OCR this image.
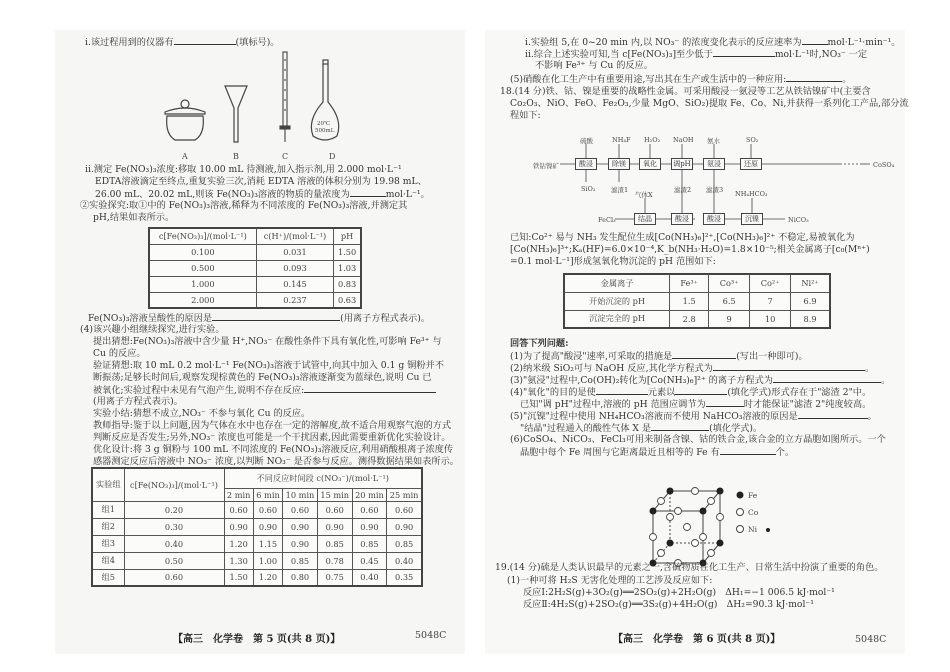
ⅰ.该过程用到的仪器有	(填标号)。
20℃
500mL
A	B	C	D
ⅱ.测定 Fe(NO₃)₃浓度:移取 10.00 mL 待测液,加入指示剂,用 2.000 mol·L⁻¹
EDTA溶液滴定至终点,重复实验三次,消耗 EDTA 溶液的体积分别为 19.98 mL、
26.00 mL、20.02 mL,则该 Fe(NO₃)₃溶液的物质的量浓度为	mol·L⁻¹。
②实验探究:取①中的 Fe(NO₃)₃溶液,稀释为不同浓度的 Fe(NO₃)₃溶液,并测定其
pH,结果如表所示。
c[Fe(NO₃)₃]/(mol·L⁻¹)	c(H⁺)/(mol·L⁻¹)	pH
0.100	0.031	1.50
0.500	0.093	1.03
1.000	0.145	0.83
2.000	0.237	0.63
Fe(NO₃)₃溶液呈酸性的原因是	(用离子方程式表示)。
(4)该兴趣小组继续探究,进行实验。
提出猜想:Fe(NO₃)₃溶液中含少量 H⁺,NO₃⁻ 在酸性条件下具有氧化性,可影响 Fe³⁺ 与
Cu 的反应。
验证猜想:取 10 mL 0.2 mol·L⁻¹ Fe(NO₃)₃溶液于试管中,向其中加入 0.1 g 铜粉并不
断振荡;足够长时间后,观察发现棕黄色的 Fe(NO₃)₃溶液逐渐变为蓝绿色,说明 Cu 已
被氧化;实验过程中未见有气泡产生,说明不存在反应:
(用离子方程式表示)。
实验小结:猜想不成立,NO₃⁻ 不参与氧化 Cu 的反应。
教师指导:鉴于以上问题,因为气体在水中也存在一定的溶解度,故不适合用观察气泡的方式
判断反应是否发生;另外,NO₃⁻ 浓度也可能是一个干扰因素,因此需要重新优化实验设计。
优化设计:将 3 g 铜粉与 100 mL 不同浓度的 Fe(NO₃)₃溶液反应,利用硝酸根离子浓度传
感器测定反应后溶液中 NO₃⁻ 浓度,以判断 NO₃⁻ 是否参与反应。测得数据结果如表所示。
实验组	c[Fe(NO₃)₃]/(mol·L⁻¹)	不同反应时间段 c(NO₃⁻)/(mol·L⁻¹)					
		2 min	6 min	10 min	15 min	20 min	25 min
组1	0.20	0.60	0.60	0.60	0.60	0.60	0.60
组2	0.30	0.90	0.90	0.90	0.90	0.90	0.90
组3	0.40	1.20	1.15	0.90	0.85	0.85	0.85
组4	0.50	1.30	1.00	0.85	0.78	0.45	0.40
组5	0.60	1.50	1.20	0.80	0.75	0.40	0.35
【高三　化学卷　第 5 页(共 8 页)】	5048C
ⅰ.实验组 5,在 0~20 min 内,以 NO₃⁻ 的浓度变化表示的反应速率为	mol·L⁻¹·min⁻¹。
ⅱ.综合上述实验可知,当 c[Fe(NO₃)₃]至少低于	mol·L⁻¹时,NO₃⁻ 一定
不影响 Fe³⁺ 与 Cu 的反应。
(5)硝酸在化工生产中有重要用途,写出其在生产或生活中的一种应用:	。
18.(14 分)铁、钴、镍是重要的战略性金属。可采用酸浸一氨浸等工艺从铁钴镍矿中(主要含
Co₂O₃、NiO、FeO、Fe₂O₃,少量 MgO、SiO₂)提取 Fe、Co、Ni,并获得一系列化工产品,部分流
程如下:
硫酸	NH₄F H₂O₂ NaOH 氨水	SO₂
铁钴镍矿	酸浸	除镁	氧化	调pH	氨浸	还原	CoSO₄
SiO₂ 滤渣1	滤渣2 滤渣3
气体X	NH₄HCO₃
FeCl₃	结晶	酸浸	酸浸	沉镍	NiCO₃
已知:Co²⁺ 易与 NH₃ 发生配位生成[Co(NH₃)₆]²⁺,[Co(NH₃)₆]²⁺ 不稳定,易被氧化为
[Co(NH₃)₆]³⁺;Kₐ(HF)=6.0×10⁻⁴,K_b(NH₃·H₂O)=1.8×10⁻⁵;相关金属离子[c₀(Mⁿ⁺)
=0.1 mol·L⁻¹]形成氢氧化物沉淀的 pH 范围如下:
金属离子	Fe³⁺	Co³⁺	Co²⁺	Ni²⁺
开始沉淀的 pH	1.5	6.5	7	6.9
沉淀完全的 pH	2.8	9	10	8.9
回答下列问题:
(1)为了提高"酸浸"速率,可采取的措施是	(写出一种即可)。
(2)纳米级 SiO₂可与 NaOH 反应,其化学方程式为	。
(3)"氨浸"过程中,Co(OH)₂转化为[Co(NH₃)₆]²⁺ 的离子方程式为	。
(4)"氧化"的目的是使	元素以	(填化学式)形式存在于"滤渣 2"中。
已知"调 pH"过程中,溶液的 pH 范围应调节为	时才能保证"滤渣 2"纯度较高。
(5)"沉镍"过程中使用 NH₄HCO₃溶液而不使用 NaHCO₃溶液的原因是	。
"结晶"过程通入的酸性气体 X 是	(填化学式)。
(6)CoSO₄、NiCO₃、FeCl₃可用来制备含镍、钴的铁合金,该合金的立方晶胞如图所示。一个
晶胞中每个 Fe 周围与它距离最近且相等的 Fe 有	个。
Fe
Co
Ni
19.(14 分)硫是人类认识最早的元素之一,含硫物质在化工生产、日常生活中扮演了重要的角色。
(1)一种可将 H₂S 无害化处理的工艺涉及反应如下:
反应Ⅰ:2H₂S(g)+3O₂(g)══2SO₂(g)+2H₂O(g)　ΔH₁=−1 006.5 kJ·mol⁻¹
反应Ⅱ:4H₂S(g)+2SO₂(g)══3S₂(g)+4H₂O(g)　ΔH₂=90.3 kJ·mol⁻¹
【高三　化学卷　第 6 页(共 8 页)】	5048C
